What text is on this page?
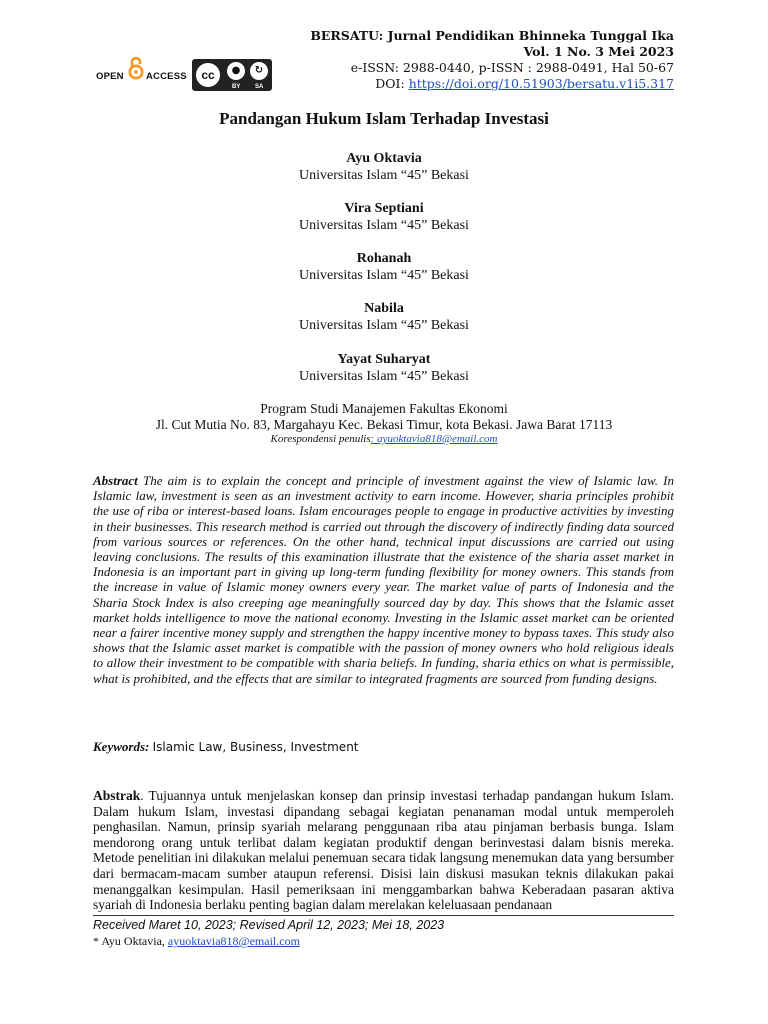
OPEN ACCESS	cc	●	↻
BY SA
BERSATU: Jurnal Pendidikan Bhinneka Tunggal Ika
Vol. 1 No. 3 Mei 2023
e-ISSN: 2988-0440, p-ISSN : 2988-0491, Hal 50-67
DOI: https://doi.org/10.51903/bersatu.v1i5.317
Pandangan Hukum Islam Terhadap Investasi
Ayu Oktavia
Universitas Islam “45” Bekasi
Vira Septiani
Universitas Islam “45” Bekasi
Rohanah
Universitas Islam “45” Bekasi
Nabila
Universitas Islam “45” Bekasi
Yayat Suharyat
Universitas Islam “45” Bekasi
Program Studi Manajemen Fakultas Ekonomi
Jl. Cut Mutia No. 83, Margahayu Kec. Bekasi Timur, kota Bekasi. Jawa Barat 17113
Korespondensi penulis: ayuoktavia818@email.com
Abstract The aim is to explain the concept and principle of investment against the view of Islamic law. In Islamic law, investment is seen as an investment activity to earn income. However, sharia principles prohibit the use of riba or interest-based loans. Islam encourages people to engage in productive activities by investing in their businesses. This research method is carried out through the discovery of indirectly finding data sourced from various sources or references. On the other hand, technical input discussions are carried out using leaving conclusions. The results of this examination illustrate that the existence of the sharia asset market in Indonesia is an important part in giving up long-term funding flexibility for money owners. This stands from the increase in value of Islamic money owners every year. The market value of parts of Indonesia and the Sharia Stock Index is also creeping age meaningfully sourced day by day. This shows that the Islamic asset market holds intelligence to move the national economy. Investing in the Islamic asset market can be oriented near a fairer incentive money supply and strengthen the happy incentive money to bypass taxes. This study also shows that the Islamic asset market is compatible with the passion of money owners who hold religious ideals to allow their investment to be compatible with sharia beliefs. In funding, sharia ethics on what is permissible, what is prohibited, and the effects that are similar to integrated fragments are sourced from funding designs.
Keywords: Islamic Law, Business, Investment
Abstrak. Tujuannya untuk menjelaskan konsep dan prinsip investasi terhadap pandangan hukum Islam. Dalam hukum Islam, investasi dipandang sebagai kegiatan penanaman modal untuk memperoleh penghasilan. Namun, prinsip syariah melarang penggunaan riba atau pinjaman berbasis bunga. Islam mendorong orang untuk terlibat dalam kegiatan produktif dengan berinvestasi dalam bisnis mereka. Metode penelitian ini dilakukan melalui penemuan secara tidak langsung menemukan data yang bersumber dari bermacam-macam sumber ataupun referensi. Disisi lain diskusi masukan teknis dilakukan pakai menanggalkan kesimpulan. Hasil pemeriksaan ini menggambarkan bahwa Keberadaan pasaran aktiva syariah di Indonesia berlaku penting bagian dalam merelakan keleluasaan pendanaan
Received Maret 10, 2023; Revised April 12, 2023; Mei 18, 2023
* Ayu Oktavia, ayuoktavia818@email.com
